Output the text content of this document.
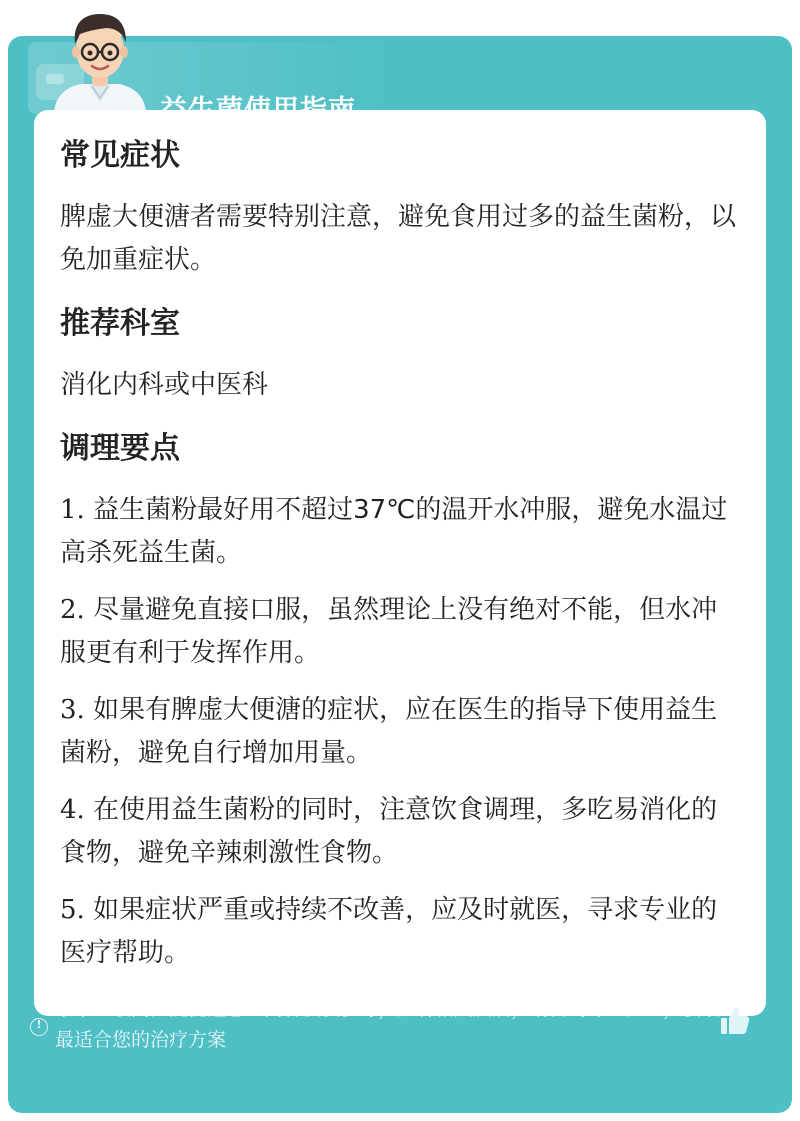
常见症状
脾虚大便溏者需要特别注意，避免食用过多的益生菌粉，以免加重症状。
推荐科室
消化内科或中医科
调理要点
1. 益生菌粉最好用不超过37℃的温开水冲服，避免水温过高杀死益生菌。
2. 尽量避免直接口服，虽然理论上没有绝对不能，但水冲服更有利于发挥作用。
3. 如果有脾虚大便溏的症状，应在医生的指导下使用益生菌粉，避免自行增加用量。
4. 在使用益生菌粉的同时，注意饮食调理，多吃易消化的食物，避免辛辣刺激性食物。
5. 如果症状严重或持续不改善，应及时就医，寻求专业的医疗帮助。
!
京东互联网医院提醒您：内容仅供参考，如有相关疾病，请咨询专业医生，获取最适合您的治疗方案
